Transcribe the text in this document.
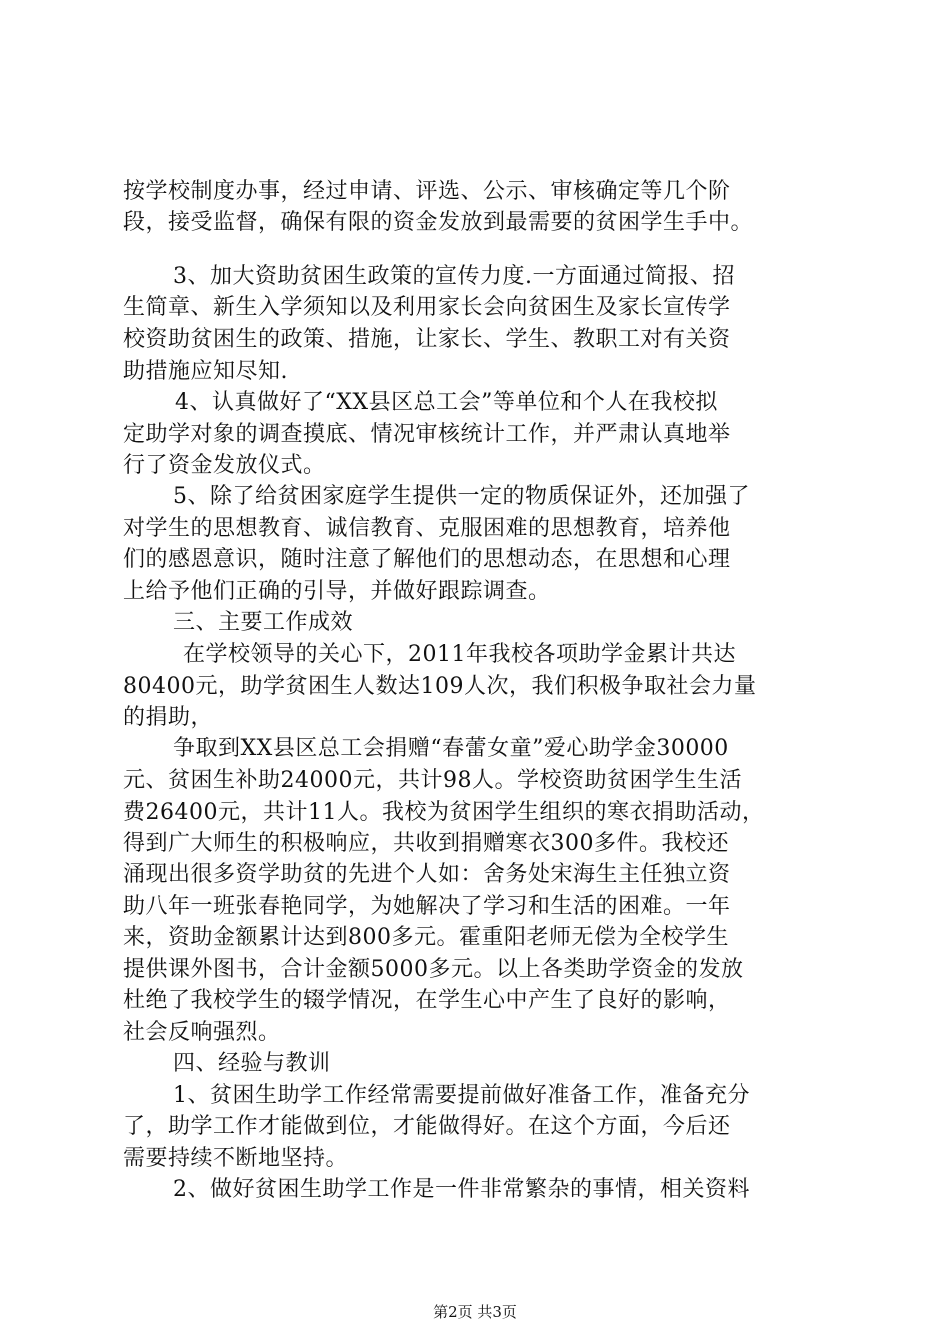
按学校制度办事，经过申请、评选、公示、审核确定等几个阶
段，接受监督，确保有限的资金发放到最需要的贫困学生手中。
3、加大资助贫困生政策的宣传力度.一方面通过简报、招
生简章、新生入学须知以及利用家长会向贫困生及家长宣传学
校资助贫困生的政策、措施，让家长、学生、教职工对有关资
助措施应知尽知.
4、认真做好了“XX县区总工会”等单位和个人在我校拟
定助学对象的调查摸底、情况审核统计工作，并严肃认真地举
行了资金发放仪式。
5、除了给贫困家庭学生提供一定的物质保证外，还加强了
对学生的思想教育、诚信教育、克服困难的思想教育，培养他
们的感恩意识，随时注意了解他们的思想动态，在思想和心理
上给予他们正确的引导，并做好跟踪调查。
三、主要工作成效
在学校领导的关心下，2011年我校各项助学金累计共达
80400元，助学贫困生人数达109人次，我们积极争取社会力量
的捐助，
争取到XX县区总工会捐赠“春蕾女童”爱心助学金30000
元、贫困生补助24000元，共计98人。学校资助贫困学生生活
费26400元，共计11人。我校为贫困学生组织的寒衣捐助活动，
得到广大师生的积极响应，共收到捐赠寒衣300多件。我校还
涌现出很多资学助贫的先进个人如：舍务处宋海生主任独立资
助八年一班张春艳同学，为她解决了学习和生活的困难。一年
来，资助金额累计达到800多元。霍重阳老师无偿为全校学生
提供课外图书，合计金额5000多元。以上各类助学资金的发放
杜绝了我校学生的辍学情况，在学生心中产生了良好的影响，
社会反响强烈。
四、经验与教训
1、贫困生助学工作经常需要提前做好准备工作，准备充分
了，助学工作才能做到位，才能做得好。在这个方面，今后还
需要持续不断地坚持。
2、做好贫困生助学工作是一件非常繁杂的事情，相关资料
第2页 共3页
